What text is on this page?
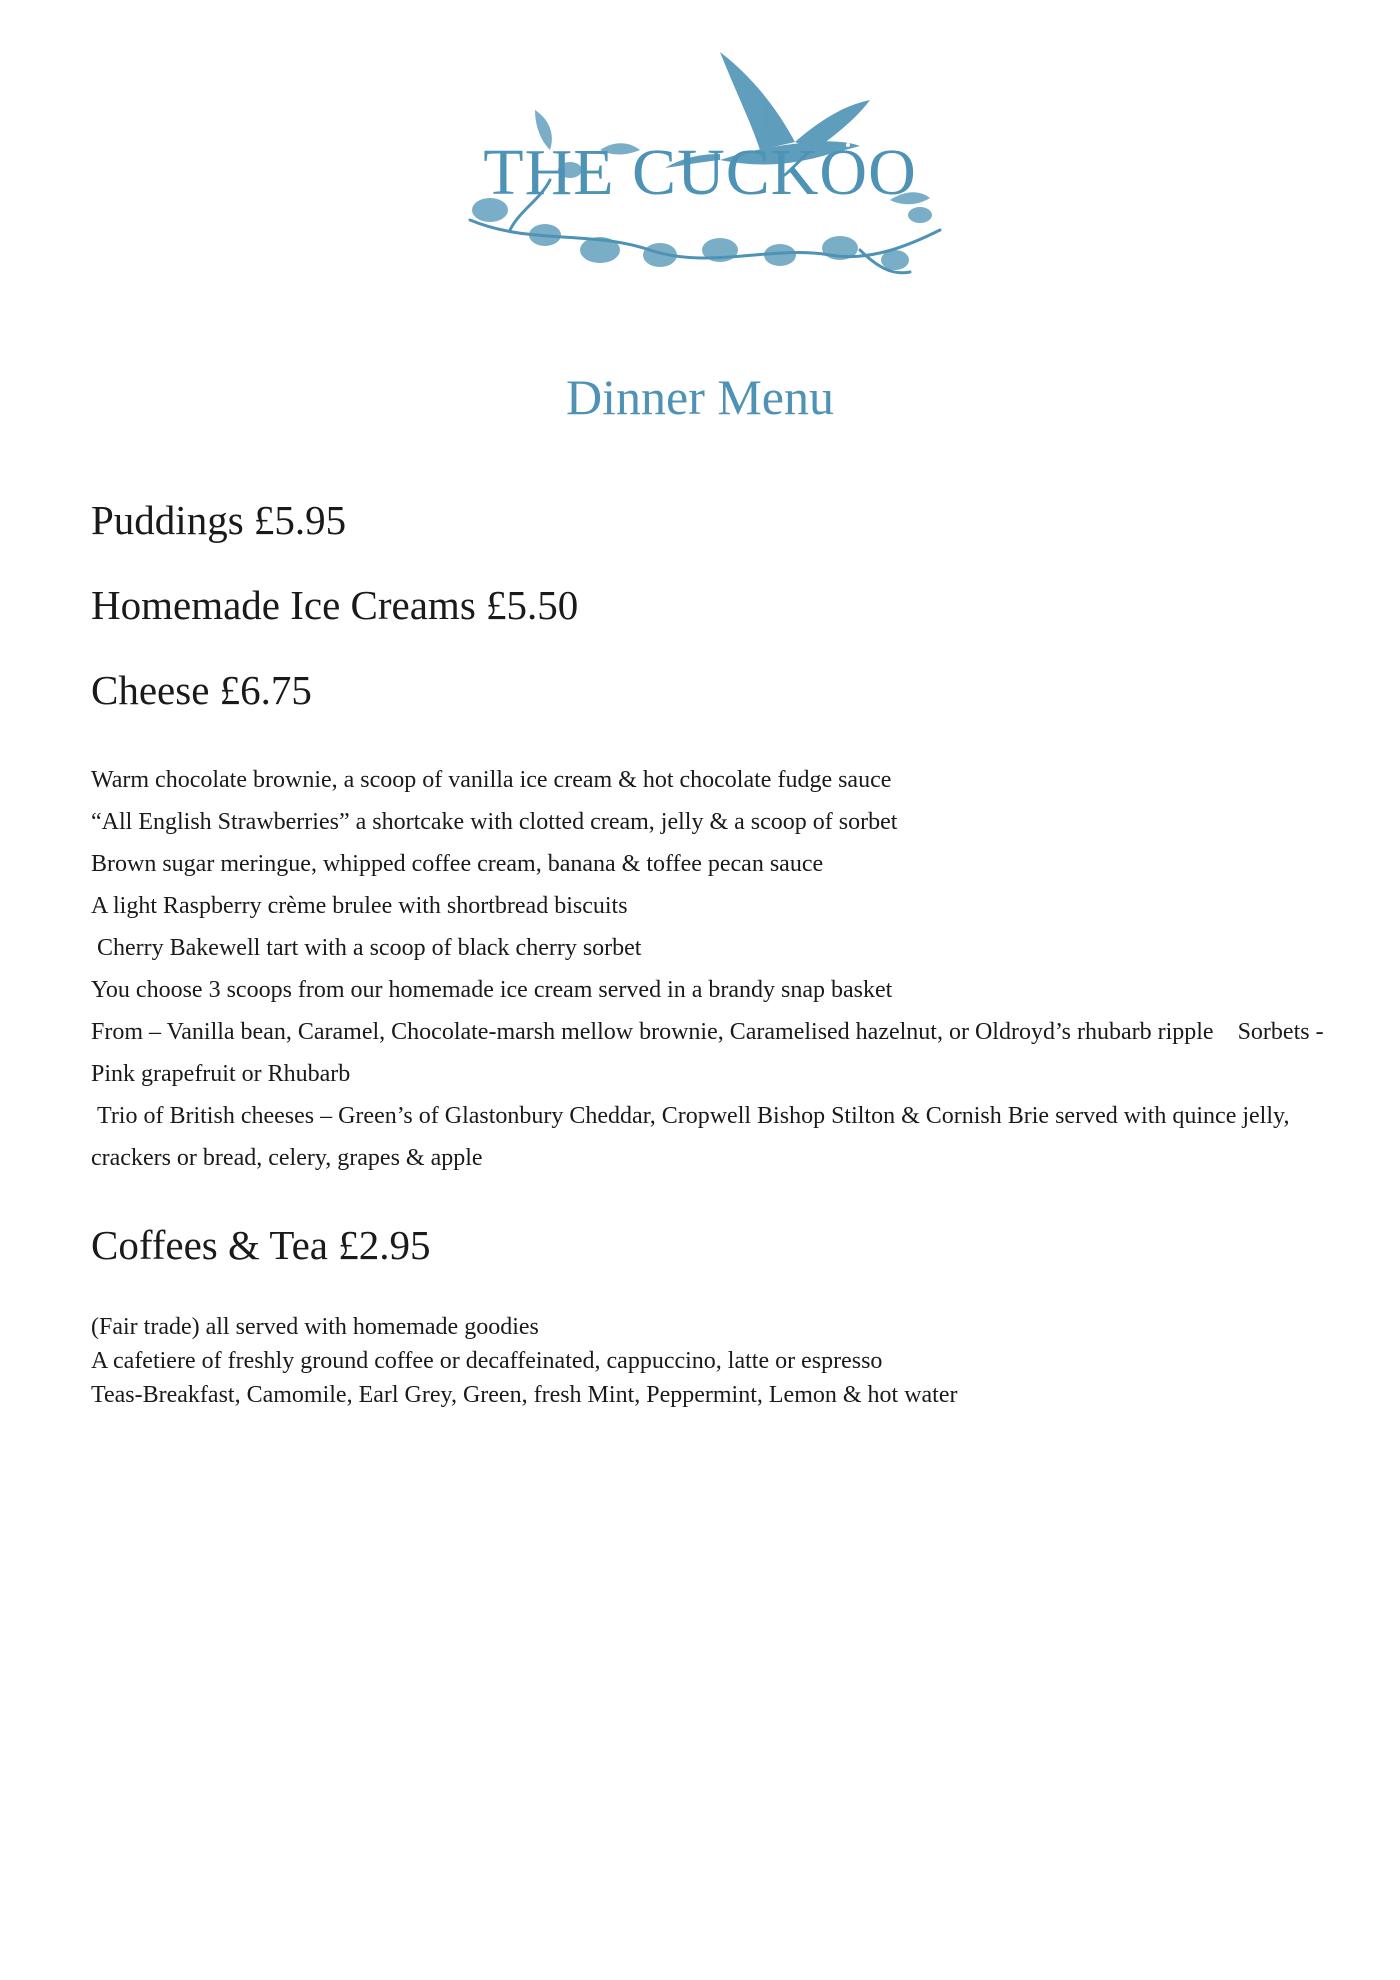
THE CUCKOO
Dinner Menu
Puddings £5.95
Homemade Ice Creams £5.50
Cheese £6.75
Warm chocolate brownie, a scoop of vanilla ice cream & hot chocolate fudge sauce
“All English Strawberries” a shortcake with clotted cream, jelly & a scoop of sorbet
Brown sugar meringue, whipped coffee cream, banana & toffee pecan sauce
A light Raspberry crème brulee with shortbread biscuits
Cherry Bakewell tart with a scoop of black cherry sorbet
You choose 3 scoops from our homemade ice cream served in a brandy snap basket
From – Vanilla bean, Caramel, Chocolate-marsh mellow brownie, Caramelised hazelnut, or Oldroyd’s rhubarb ripple    Sorbets - Pink grapefruit or Rhubarb
Trio of British cheeses – Green’s of Glastonbury Cheddar, Cropwell Bishop Stilton & Cornish Brie served with quince jelly, crackers or bread, celery, grapes & apple
Coffees & Tea £2.95
(Fair trade) all served with homemade goodies
A cafetiere of freshly ground coffee or decaffeinated, cappuccino, latte or espresso
Teas-Breakfast, Camomile, Earl Grey, Green, fresh Mint, Peppermint, Lemon & hot water
